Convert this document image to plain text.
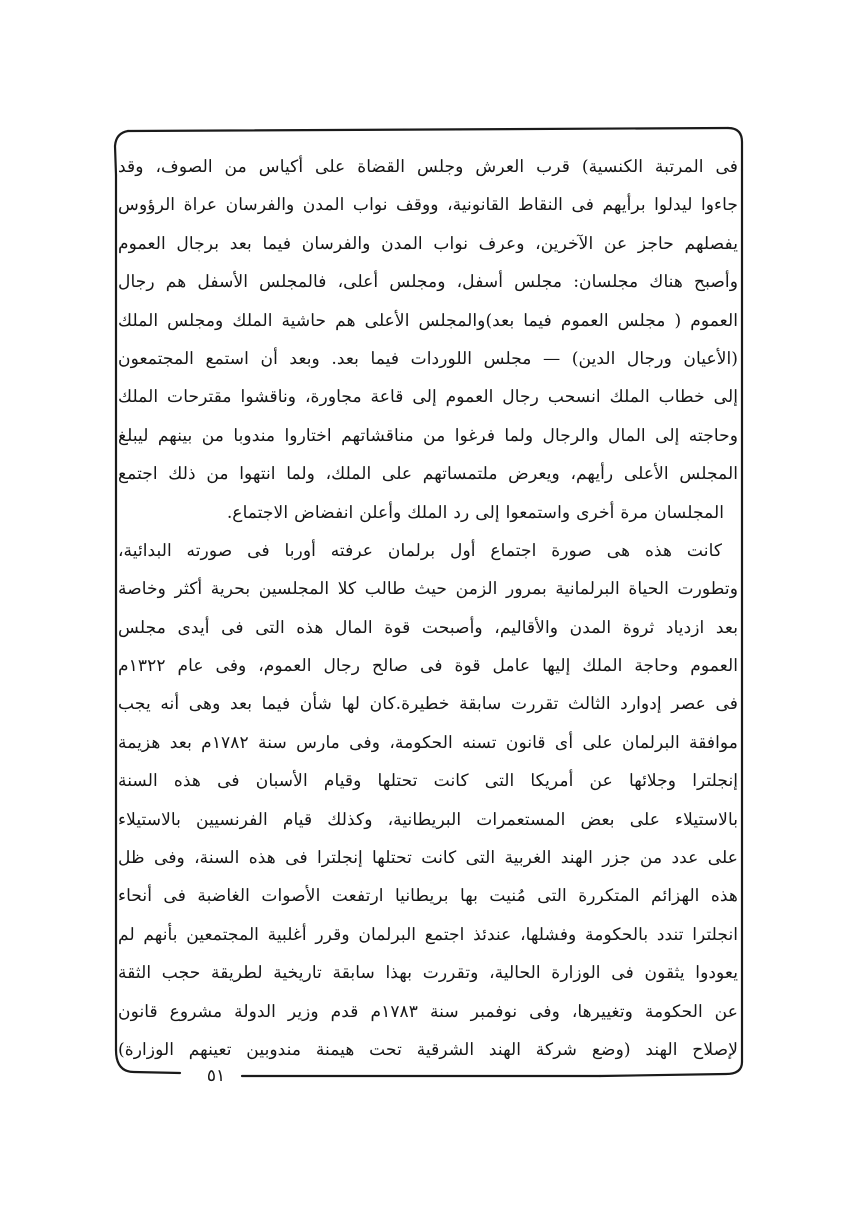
فى المرتبة الكنسية) قرب العرش وجلس القضاة على أكياس من الصوف، وقد
جاءوا ليدلوا برأيهم فى النقاط القانونية، ووقف نواب المدن والفرسان عراة الرؤوس
يفصلهم حاجز عن الآخرين، وعرف نواب المدن والفرسان فيما بعد برجال العموم
وأصبح هناك مجلسان: مجلس أسفل، ومجلس أعلى، فالمجلس الأسفل هم رجال
العموم ( مجلس العموم فيما بعد)والمجلس الأعلى هم حاشية الملك ومجلس الملك
(الأعيان ورجال الدين) — مجلس اللوردات فيما بعد. وبعد أن استمع المجتمعون
إلى خطاب الملك انسحب رجال العموم إلى قاعة مجاورة، وناقشوا مقترحات الملك
وحاجته إلى المال والرجال ولما فرغوا من مناقشاتهم اختاروا مندوبا من بينهم ليبلغ
المجلس الأعلى رأيهم، ويعرض ملتمساتهم على الملك، ولما انتهوا من ذلك اجتمع
المجلسان مرة أخرى واستمعوا إلى رد الملك وأعلن انفضاض الاجتماع.
كانت هذه هى صورة اجتماع أول برلمان عرفته أوربا فى صورته البدائية،
وتطورت الحياة البرلمانية بمرور الزمن حيث طالب كلا المجلسين بحرية أكثر وخاصة
بعد ازدياد ثروة المدن والأقاليم، وأصبحت قوة المال هذه التى فى أيدى مجلس
العموم وحاجة الملك إليها عامل قوة فى صالح رجال العموم، وفى عام ١٣٢٢م
فى عصر إدوارد الثالث تقررت سابقة خطيرة.كان لها شأن فيما بعد وهى أنه يجب
موافقة البرلمان على أى قانون تسنه الحكومة، وفى مارس سنة ١٧٨٢م بعد هزيمة
إنجلترا وجلائها عن أمريكا التى كانت تحتلها وقيام الأسبان فى هذه السنة
بالاستيلاء على بعض المستعمرات البريطانية، وكذلك قيام الفرنسيين بالاستيلاء
على عدد من جزر الهند الغربية التى كانت تحتلها إنجلترا فى هذه السنة، وفى ظل
هذه الهزائم المتكررة التى مُنيت بها بريطانيا ارتفعت الأصوات الغاضبة فى أنحاء
انجلترا تندد بالحكومة وفشلها، عندئذ اجتمع البرلمان وقرر أغلبية المجتمعين بأنهم لم
يعودوا يثقون فى الوزارة الحالية، وتقررت بهذا سابقة تاريخية لطريقة حجب الثقة
عن الحكومة وتغييرها، وفى نوفمبر سنة ١٧٨٣م قدم وزير الدولة مشروع قانون
لإصلاح الهند (وضع شركة الهند الشرقية تحت هيمنة مندوبين تعينهم الوزارة)
٥١
